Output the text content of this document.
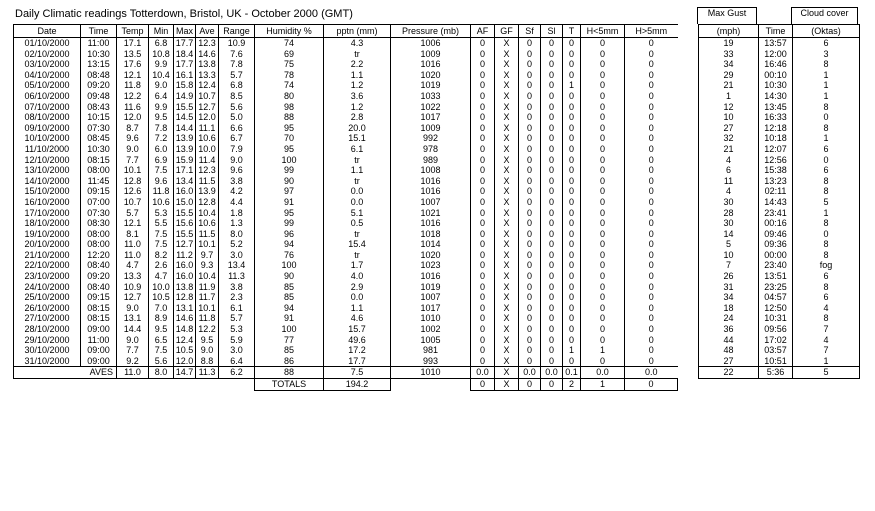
Daily Climatic readings Totterdown, Bristol, UK - October 2000 (GMT)	Max Gust	Cloud cover
Date	Time	Temp	Min	Max	Ave	Range	Humidity %	pptn (mm)	Pressure (mb)	AF	GF	Sf	Sl	T	H<5mm	H>5mm		(mph)	Time	(Oktas)
01/10/2000	11:00	17.1	6.8	17.7	12.3	10.9	74	4.3	1006	0	X	0	0	0	0	0		19	13:57	6
02/10/2000	10:30	13.5	10.8	18.4	14.6	7.6	69	tr	1009	0	X	0	0	0	0	0		33	12:00	3
03/10/2000	13:15	17.6	9.9	17.7	13.8	7.8	75	2.2	1016	0	X	0	0	0	0	0		34	16:46	8
04/10/2000	08:48	12.1	10.4	16.1	13.3	5.7	78	1.1	1020	0	X	0	0	0	0	0		29	00:10	1
05/10/2000	09:20	11.8	9.0	15.8	12.4	6.8	74	1.2	1019	0	X	0	0	1	0	0		21	10:30	1
06/10/2000	09:48	12.2	6.4	14.9	10.7	8.5	80	3.6	1033	0	X	0	0	0	0	0		1	14:30	1
07/10/2000	08:43	11.6	9.9	15.5	12.7	5.6	98	1.2	1022	0	X	0	0	0	0	0		12	13:45	8
08/10/2000	10:15	12.0	9.5	14.5	12.0	5.0	88	2.8	1017	0	X	0	0	0	0	0		10	16:33	0
09/10/2000	07:30	8.7	7.8	14.4	11.1	6.6	95	20.0	1009	0	X	0	0	0	0	0		27	12:18	8
10/10/2000	08:45	9.6	7.2	13.9	10.6	6.7	70	15.1	992	0	X	0	0	0	0	0		32	10:18	1
11/10/2000	10:30	9.0	6.0	13.9	10.0	7.9	95	6.1	978	0	X	0	0	0	0	0		21	12:07	6
12/10/2000	08:15	7.7	6.9	15.9	11.4	9.0	100	tr	989	0	X	0	0	0	0	0		4	12:56	0
13/10/2000	08:00	10.1	7.5	17.1	12.3	9.6	99	1.1	1008	0	X	0	0	0	0	0		6	15:38	6
14/10/2000	11:45	12.8	9.6	13.4	11.5	3.8	90	tr	1016	0	X	0	0	0	0	0		11	13:23	8
15/10/2000	09:15	12.6	11.8	16.0	13.9	4.2	97	0.0	1016	0	X	0	0	0	0	0		4	02:11	8
16/10/2000	07:00	10.7	10.6	15.0	12.8	4.4	91	0.0	1007	0	X	0	0	0	0	0		30	14:43	5
17/10/2000	07:30	5.7	5.3	15.5	10.4	1.8	95	5.1	1021	0	X	0	0	0	0	0		28	23:41	1
18/10/2000	08:30	12.1	5.5	15.6	10.6	1.3	99	0.5	1016	0	X	0	0	0	0	0		30	00:16	8
19/10/2000	08:00	8.1	7.5	15.5	11.5	8.0	96	tr	1018	0	X	0	0	0	0	0		14	09:46	0
20/10/2000	08:00	11.0	7.5	12.7	10.1	5.2	94	15.4	1014	0	X	0	0	0	0	0		5	09:36	8
21/10/2000	12:20	11.0	8.2	11.2	9.7	3.0	76	tr	1020	0	X	0	0	0	0	0		10	00:00	8
22/10/2000	08:40	4.7	2.6	16.0	9.3	13.4	100	1.7	1023	0	X	0	0	0	0	0		7	23:40	fog
23/10/2000	09:20	13.3	4.7	16.0	10.4	11.3	90	4.0	1016	0	X	0	0	0	0	0		26	13:51	6
24/10/2000	08:40	10.9	10.0	13.8	11.9	3.8	85	2.9	1019	0	X	0	0	0	0	0		31	23:25	8
25/10/2000	09:15	12.7	10.5	12.8	11.7	2.3	85	0.0	1007	0	X	0	0	0	0	0		34	04:57	6
26/10/2000	08:15	9.0	7.0	13.1	10.1	6.1	94	1.1	1017	0	X	0	0	0	0	0		18	12:50	4
27/10/2000	08:15	13.1	8.9	14.6	11.8	5.7	91	4.6	1010	0	X	0	0	0	0	0		24	10:31	8
28/10/2000	09:00	14.4	9.5	14.8	12.2	5.3	100	15.7	1002	0	X	0	0	0	0	0		36	09:56	7
29/10/2000	11:00	9.0	6.5	12.4	9.5	5.9	77	49.6	1005	0	X	0	0	0	0	0		44	17:02	4
30/10/2000	09:00	7.7	7.5	10.5	9.0	3.0	85	17.2	981	0	X	0	0	1	1	0		48	03:57	7
31/10/2000	09:00	9.2	5.6	12.0	8.8	6.4	86	17.7	993	0	X	0	0	0	0	0		27	10:51	1
AVES		11.0	8.0	14.7	11.3	6.2	88	7.5	1010	0.0	X	0.0	0.0	0.1	0.0	0.0		22	5:36	5
							TOTALS	194.2		0	X	0	0	2	1	0				
